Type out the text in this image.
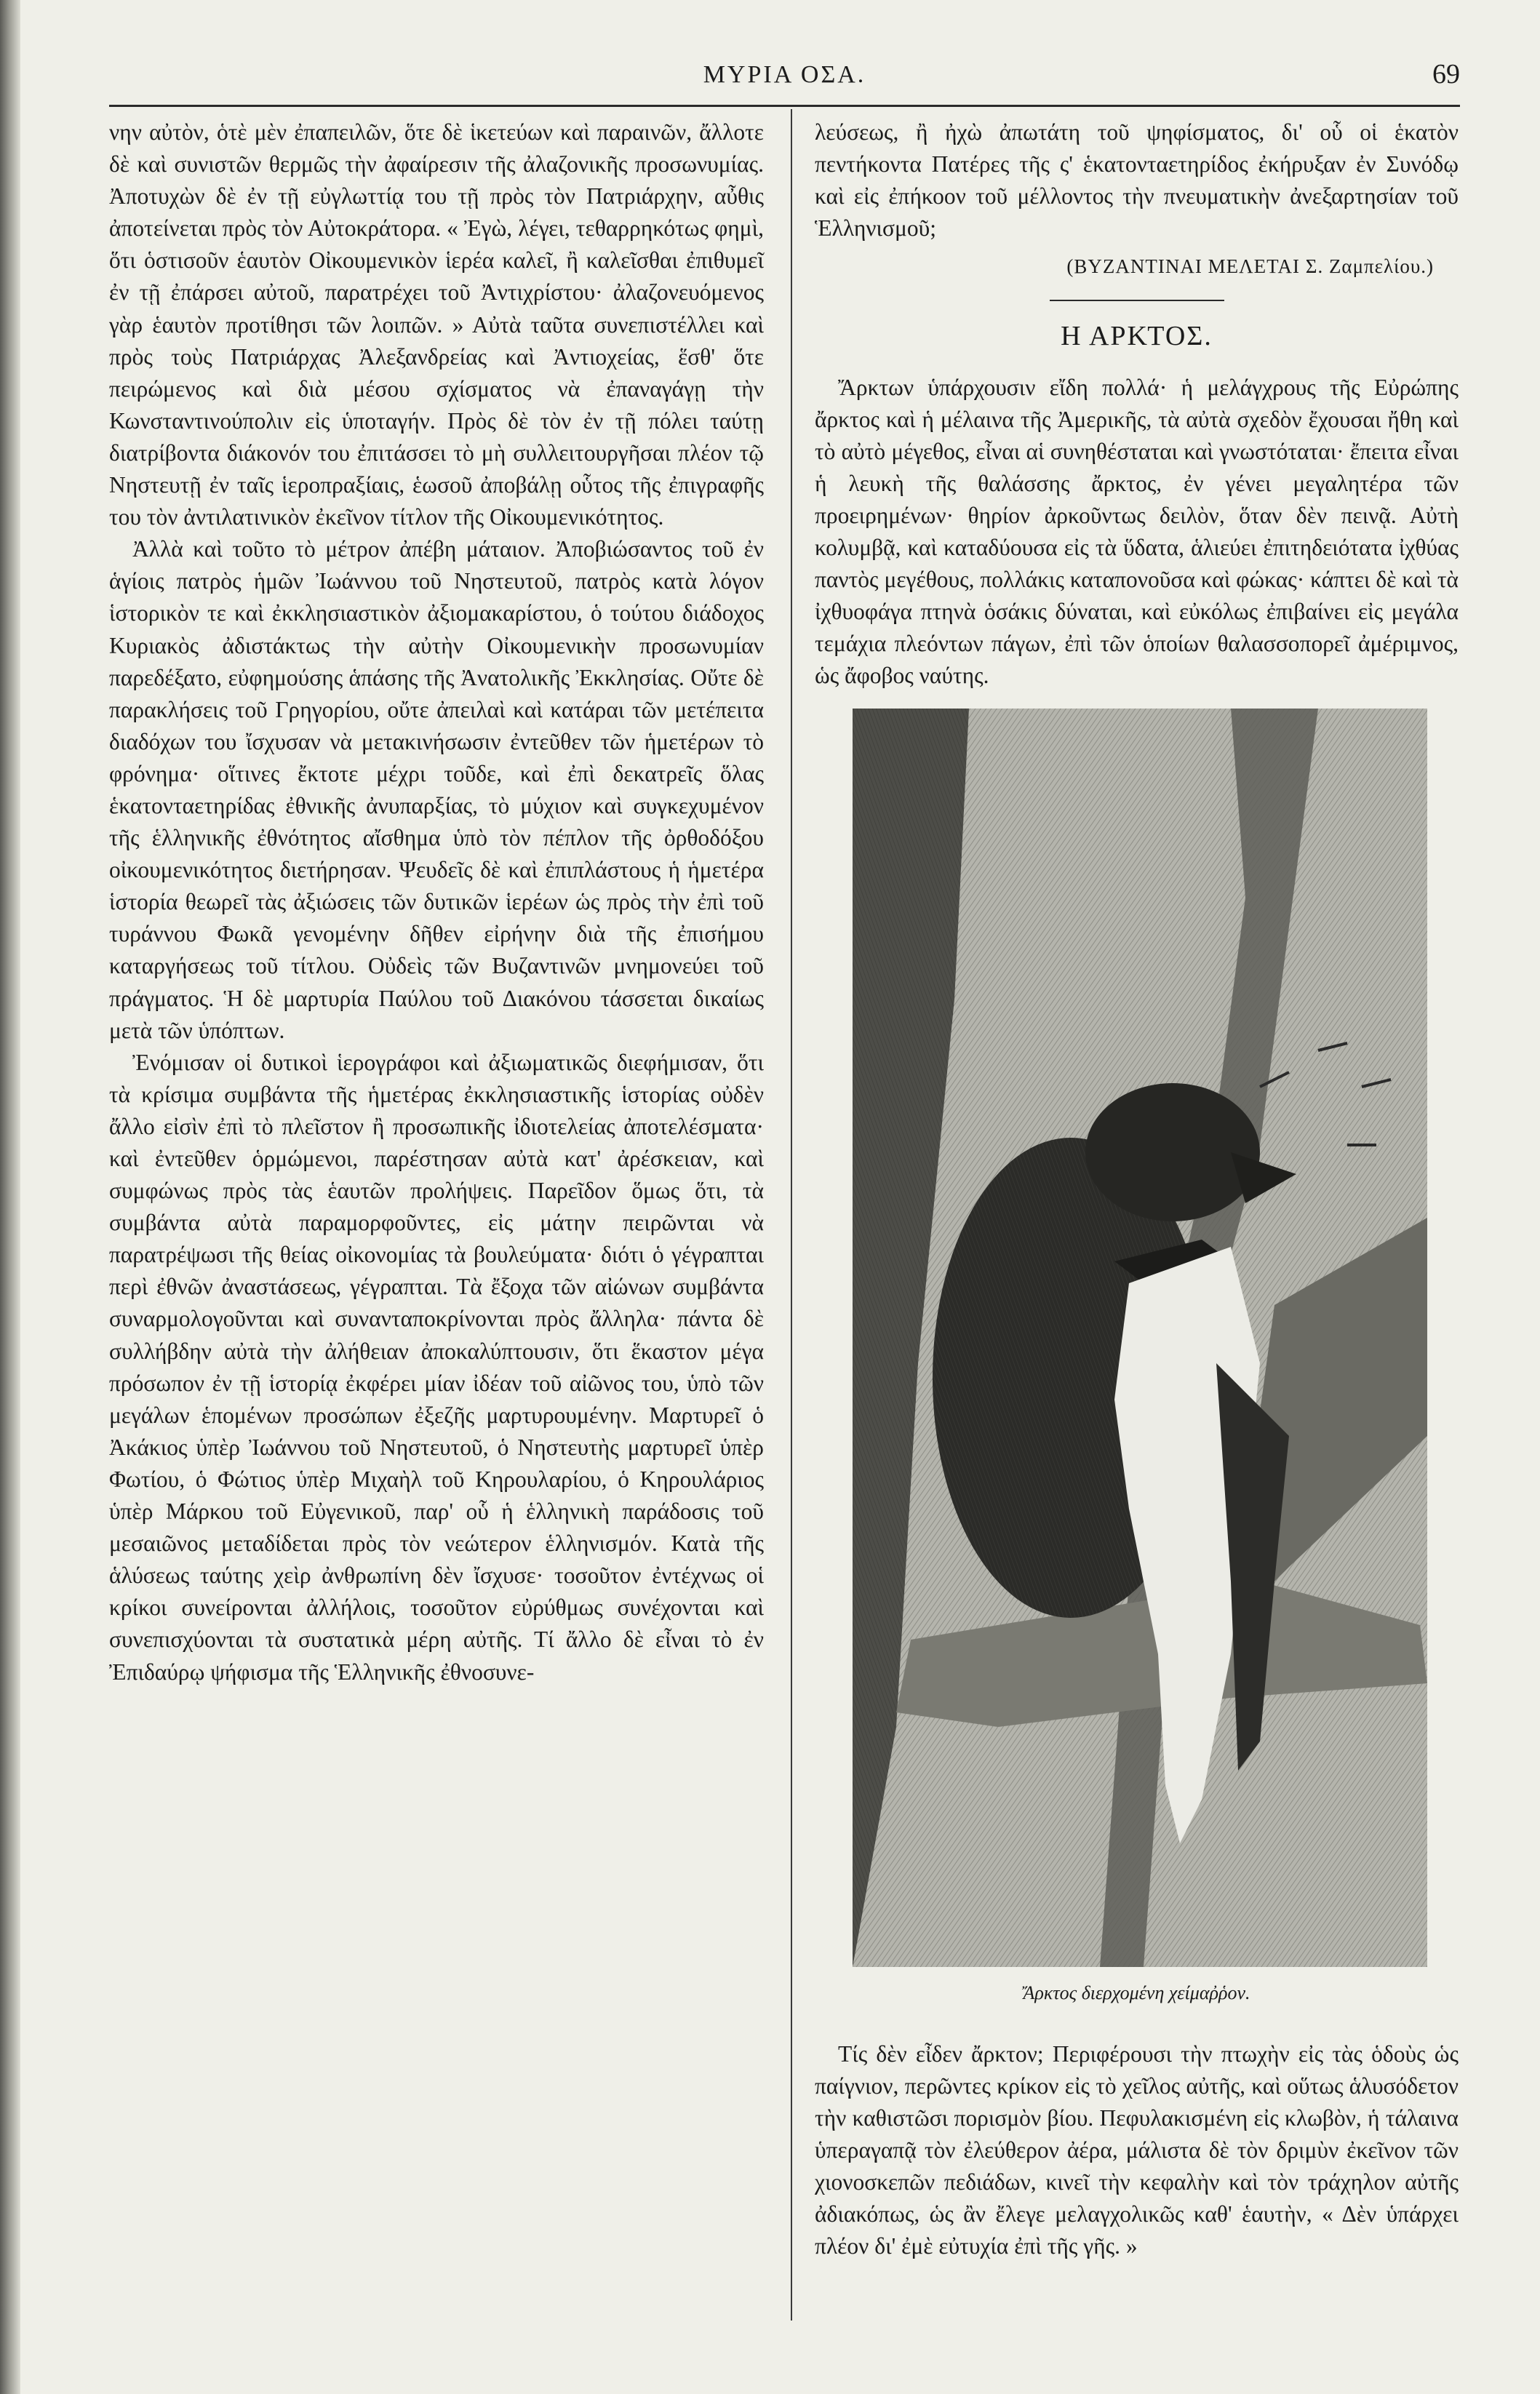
ΜΥΡΙΑ ΟΣΑ.	69

νην αὐτὸν, ὁτὲ μὲν ἐπαπειλῶν, ὅτε δὲ ἱκετεύων καὶ παραινῶν, ἄλλοτε δὲ καὶ συνιστῶν θερμῶς τὴν ἀφαίρεσιν τῆς ἀλαζονικῆς προσωνυμίας. Ἀποτυχὼν δὲ ἐν τῇ εὐγλωττίᾳ του τῇ πρὸς τὸν Πατριάρχην, αὖθις ἀποτείνεται πρὸς τὸν Αὐτοκράτορα. « Ἐγὼ, λέγει, τεθαρρηκότως φημὶ, ὅτι ὁστισοῦν ἑαυτὸν Οἰκουμενικὸν ἱερέα καλεῖ, ἢ καλεῖσθαι ἐπιθυμεῖ ἐν τῇ ἐπάρσει αὐτοῦ, παρατρέχει τοῦ Ἀντιχρίστου· ἀλαζονευόμενος γὰρ ἑαυτὸν προτίθησι τῶν λοιπῶν. » Αὐτὰ ταῦτα συνεπιστέλλει καὶ πρὸς τοὺς Πατριάρχας Ἀλεξανδρείας καὶ Ἀντιοχείας, ἕσθ' ὅτε πειρώμενος καὶ διὰ μέσου σχίσματος νὰ ἐπαναγάγῃ τὴν Κωνσταντινούπολιν εἰς ὑποταγήν. Πρὸς δὲ τὸν ἐν τῇ πόλει ταύτῃ διατρίβοντα διάκονόν του ἐπιτάσσει τὸ μὴ συλλειτουργῆσαι πλέον τῷ Νηστευτῇ ἐν ταῖς ἱεροπραξίαις, ἑωσοῦ ἀποβάλῃ οὗτος τῆς ἐπιγραφῆς του τὸν ἀντιλατινικὸν ἐκεῖνον τίτλον τῆς Οἰκουμενικότητος.

Ἀλλὰ καὶ τοῦτο τὸ μέτρον ἀπέβη μάταιον. Ἀποβιώσαντος τοῦ ἐν ἁγίοις πατρὸς ἡμῶν Ἰωάννου τοῦ Νηστευτοῦ, πατρὸς κατὰ λόγον ἱστορικὸν τε καὶ ἐκκλησιαστικὸν ἀξιομακαρίστου, ὁ τούτου διάδοχος Κυριακὸς ἀδιστάκτως τὴν αὐτὴν Οἰκουμενικὴν προσωνυμίαν παρεδέξατο, εὐφημούσης ἁπάσης τῆς Ἀνατολικῆς Ἐκκλησίας. Οὔτε δὲ παρακλήσεις τοῦ Γρηγορίου, οὔτε ἀπειλαὶ καὶ κατάραι τῶν μετέπειτα διαδόχων του ἴσχυσαν νὰ μετακινήσωσιν ἐντεῦθεν τῶν ἡμετέρων τὸ φρόνημα· οἵτινες ἔκτοτε μέχρι τοῦδε, καὶ ἐπὶ δεκατρεῖς ὅλας ἑκατονταετηρίδας ἐθνικῆς ἀνυπαρξίας, τὸ μύχιον καὶ συγκεχυμένον τῆς ἑλληνικῆς ἐθνότητος αἴσθημα ὑπὸ τὸν πέπλον τῆς ὀρθοδόξου οἰκουμενικότητος διετήρησαν. Ψευδεῖς δὲ καὶ ἐπιπλάστους ἡ ἡμετέρα ἱστορία θεωρεῖ τὰς ἀξιώσεις τῶν δυτικῶν ἱερέων ὡς πρὸς τὴν ἐπὶ τοῦ τυράννου Φωκᾶ γενομένην δῆθεν εἰρήνην διὰ τῆς ἐπισήμου καταργήσεως τοῦ τίτλου. Οὐδεὶς τῶν Βυζαντινῶν μνημονεύει τοῦ πράγματος. Ἡ δὲ μαρτυρία Παύλου τοῦ Διακόνου τάσσεται δικαίως μετὰ τῶν ὑπόπτων.

Ἐνόμισαν οἱ δυτικοὶ ἱερογράφοι καὶ ἀξιωματικῶς διεφήμισαν, ὅτι τὰ κρίσιμα συμβάντα τῆς ἡμετέρας ἐκκλησιαστικῆς ἱστορίας οὐδὲν ἄλλο εἰσὶν ἐπὶ τὸ πλεῖστον ἢ προσωπικῆς ἰδιοτελείας ἀποτελέσματα· καὶ ἐντεῦθεν ὁρμώμενοι, παρέστησαν αὐτὰ κατ' ἀρέσκειαν, καὶ συμφώνως πρὸς τὰς ἑαυτῶν προλήψεις. Παρεῖδον ὅμως ὅτι, τὰ συμβάντα αὐτὰ παραμορφοῦντες, εἰς μάτην πειρῶνται νὰ παρατρέψωσι τῆς θείας οἰκονομίας τὰ βουλεύματα· διότι ὁ γέγραπται περὶ ἐθνῶν ἀναστάσεως, γέγραπται. Τὰ ἔξοχα τῶν αἰώνων συμβάντα συναρμολογοῦνται καὶ συνανταποκρίνονται πρὸς ἄλληλα· πάντα δὲ συλλήβδην αὐτὰ τὴν ἀλήθειαν ἀποκαλύπτουσιν, ὅτι ἕκαστον μέγα πρόσωπον ἐν τῇ ἱστορίᾳ ἐκφέρει μίαν ἰδέαν τοῦ αἰῶνος του, ὑπὸ τῶν μεγάλων ἑπομένων προσώπων ἐξεζῆς μαρτυρουμένην. Μαρτυρεῖ ὁ Ἀκάκιος ὑπὲρ Ἰωάννου τοῦ Νηστευτοῦ, ὁ Νηστευτὴς μαρτυρεῖ ὑπὲρ Φωτίου, ὁ Φώτιος ὑπὲρ Μιχαὴλ τοῦ Κηρουλαρίου, ὁ Κηρουλάριος ὑπὲρ Μάρκου τοῦ Εὐγενικοῦ, παρ' οὗ ἡ ἑλληνικὴ παράδοσις τοῦ μεσαιῶνος μεταδίδεται πρὸς τὸν νεώτερον ἑλληνισμόν. Κατὰ τῆς ἁλύσεως ταύτης χεὶρ ἀνθρωπίνη δὲν ἴσχυσε· τοσοῦτον ἐντέχνως οἱ κρίκοι συνείρονται ἀλλήλοις, τοσοῦτον εὐρύθμως συνέχονται καὶ συνεπισχύονται τὰ συστατικὰ μέρη αὐτῆς. Τί ἄλλο δὲ εἶναι τὸ ἐν Ἐπιδαύρῳ ψήφισμα τῆς Ἑλληνικῆς ἐθνοσυνε-

λεύσεως, ἢ ἠχὼ ἀπωτάτη τοῦ ψηφίσματος, δι' οὗ οἱ ἑκατὸν πεντήκοντα Πατέρες τῆς ς' ἑκατονταετηρίδος ἐκήρυξαν ἐν Συνόδῳ καὶ εἰς ἐπήκοον τοῦ μέλλοντος τὴν πνευματικὴν ἀνεξαρτησίαν τοῦ Ἑλληνισμοῦ;

(ΒΥΖΑΝΤΙΝΑΙ ΜΕΛΕΤΑΙ Σ. Ζαμπελίου.)
Η ΑΡΚΤΟΣ.

Ἄρκτων ὑπάρχουσιν εἴδη πολλά· ἡ μελάγχρους τῆς Εὐρώπης ἄρκτος καὶ ἡ μέλαινα τῆς Ἀμερικῆς, τὰ αὐτὰ σχεδὸν ἔχουσαι ἤθη καὶ τὸ αὐτὸ μέγεθος, εἶναι αἱ συνηθέσταται καὶ γνωστόταται· ἔπειτα εἶναι ἡ λευκὴ τῆς θαλάσσης ἄρκτος, ἐν γένει μεγαλητέρα τῶν προειρημένων· θηρίον ἀρκοῦντως δειλὸν, ὅταν δὲν πεινᾷ. Αὐτὴ κολυμβᾷ, καὶ καταδύουσα εἰς τὰ ὕδατα, ἁλιεύει ἐπιτηδειότατα ἰχθύας παντὸς μεγέθους, πολλάκις καταπονοῦσα καὶ φώκας· κάπτει δὲ καὶ τὰ ἰχθυοφάγα πτηνὰ ὁσάκις δύναται, καὶ εὐκόλως ἐπιβαίνει εἰς μεγάλα τεμάχια πλεόντων πάγων, ἐπὶ τῶν ὁποίων θαλασσοπορεῖ ἀμέριμνος, ὡς ἄφοβος ναύτης.

Ἄρκτος διερχομένη χείμαῤῥον.

Τίς δὲν εἶδεν ἄρκτον; Περιφέρουσι τὴν πτωχὴν εἰς τὰς ὁδοὺς ὡς παίγνιον, περῶντες κρίκον εἰς τὸ χεῖλος αὐτῆς, καὶ οὕτως ἁλυσόδετον τὴν καθιστῶσι πορισμὸν βίου. Πεφυλακισμένη εἰς κλωβὸν, ἡ τάλαινα ὑπεραγαπᾷ τὸν ἐλεύθερον ἀέρα, μάλιστα δὲ τὸν δριμὺν ἐκεῖνον τῶν χιονοσκεπῶν πεδιάδων, κινεῖ τὴν κεφαλὴν καὶ τὸν τράχηλον αὐτῆς ἀδιακόπως, ὡς ἂν ἔλεγε μελαγχολικῶς καθ' ἑαυτὴν, « Δὲν ὑπάρχει πλέον δι' ἐμὲ εὐτυχία ἐπὶ τῆς γῆς. »
